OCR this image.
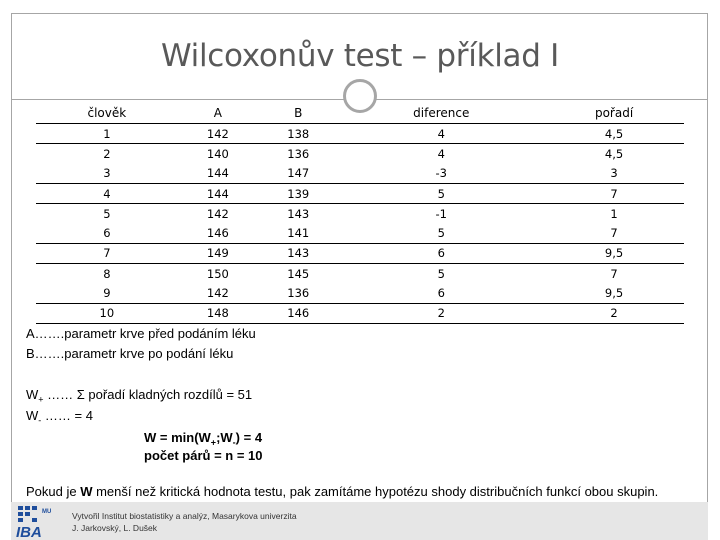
Wilcoxonův test – příklad I
člověk	A	B	diference	pořadí
1	142	138	4	4,5
2	140	136	4	4,5
3	144	147	-3	3
4	144	139	5	7
5	142	143	-1	1
6	146	141	5	7
7	149	143	6	9,5
8	150	145	5	7
9	142	136	6	9,5
10	148	146	2	2
A…….parametr krve před podáním léku
B…….parametr krve po podání léku
$W_+$ …… Σ pořadí kladných rozdílů = 51
$W_-$ …… = 4
$W = \min(W_+;W_-) = 4$
počet párů = n = 10
Pokud je W menší než kritická hodnota testu, pak zamítáme hypotézu shody distribučních funkcí obou skupin.
MU
IBA
Vytvořil Institut biostatistiky a analýz, Masarykova univerzita
J. Jarkovský, L. Dušek
